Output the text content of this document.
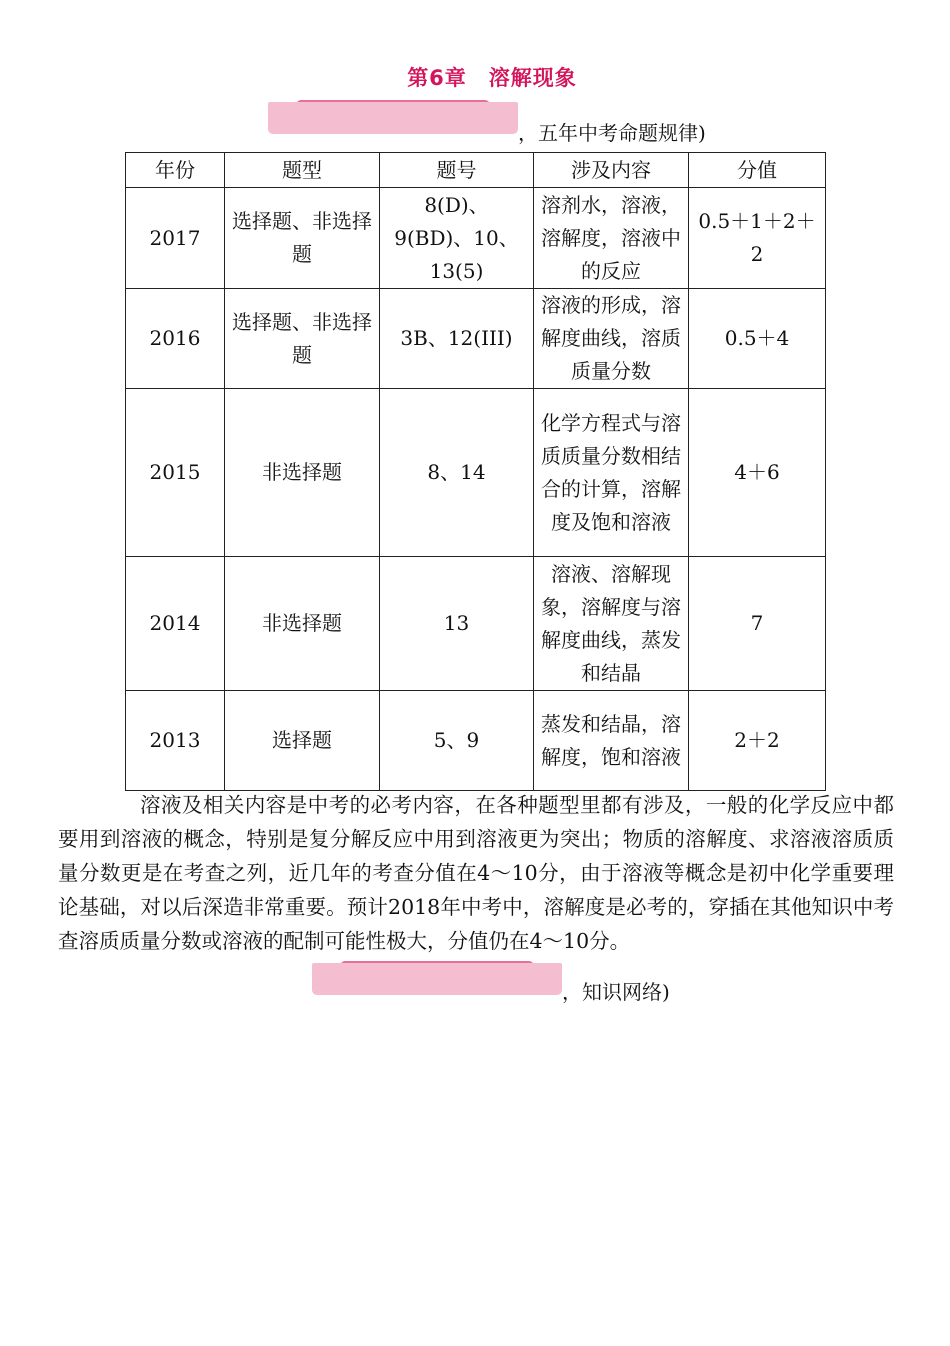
第6章　溶解现象
，五年中考命题规律)
年份	题型	题号	涉及内容	分值
2017	选择题、非选择题	8(D)、9(BD)、10、13(5)	溶剂水，溶液，溶解度，溶液中的反应	0.5＋1＋2＋2
2016	选择题、非选择题	3B、12(III)	溶液的形成，溶解度曲线，溶质质量分数	0.5＋4
2015	非选择题	8、14	化学方程式与溶质质量分数相结合的计算，溶解度及饱和溶液	4＋6
2014	非选择题	13	溶液、溶解现象，溶解度与溶解度曲线，蒸发和结晶	7
2013	选择题	5、9	蒸发和结晶，溶解度，饱和溶液	2＋2

溶液及相关内容是中考的必考内容，在各种题型里都有涉及，一般的化学反应中都要用到溶液的概念，特别是复分解反应中用到溶液更为突出；物质的溶解度、求溶液溶质质量分数更是在考查之列，近几年的考查分值在4～10分，由于溶液等概念是初中化学重要理论基础，对以后深造非常重要。预计2018年中考中，溶解度是必考的，穿插在其他知识中考查溶质质量分数或溶液的配制可能性极大，分值仍在4～10分。

，知识网络)
